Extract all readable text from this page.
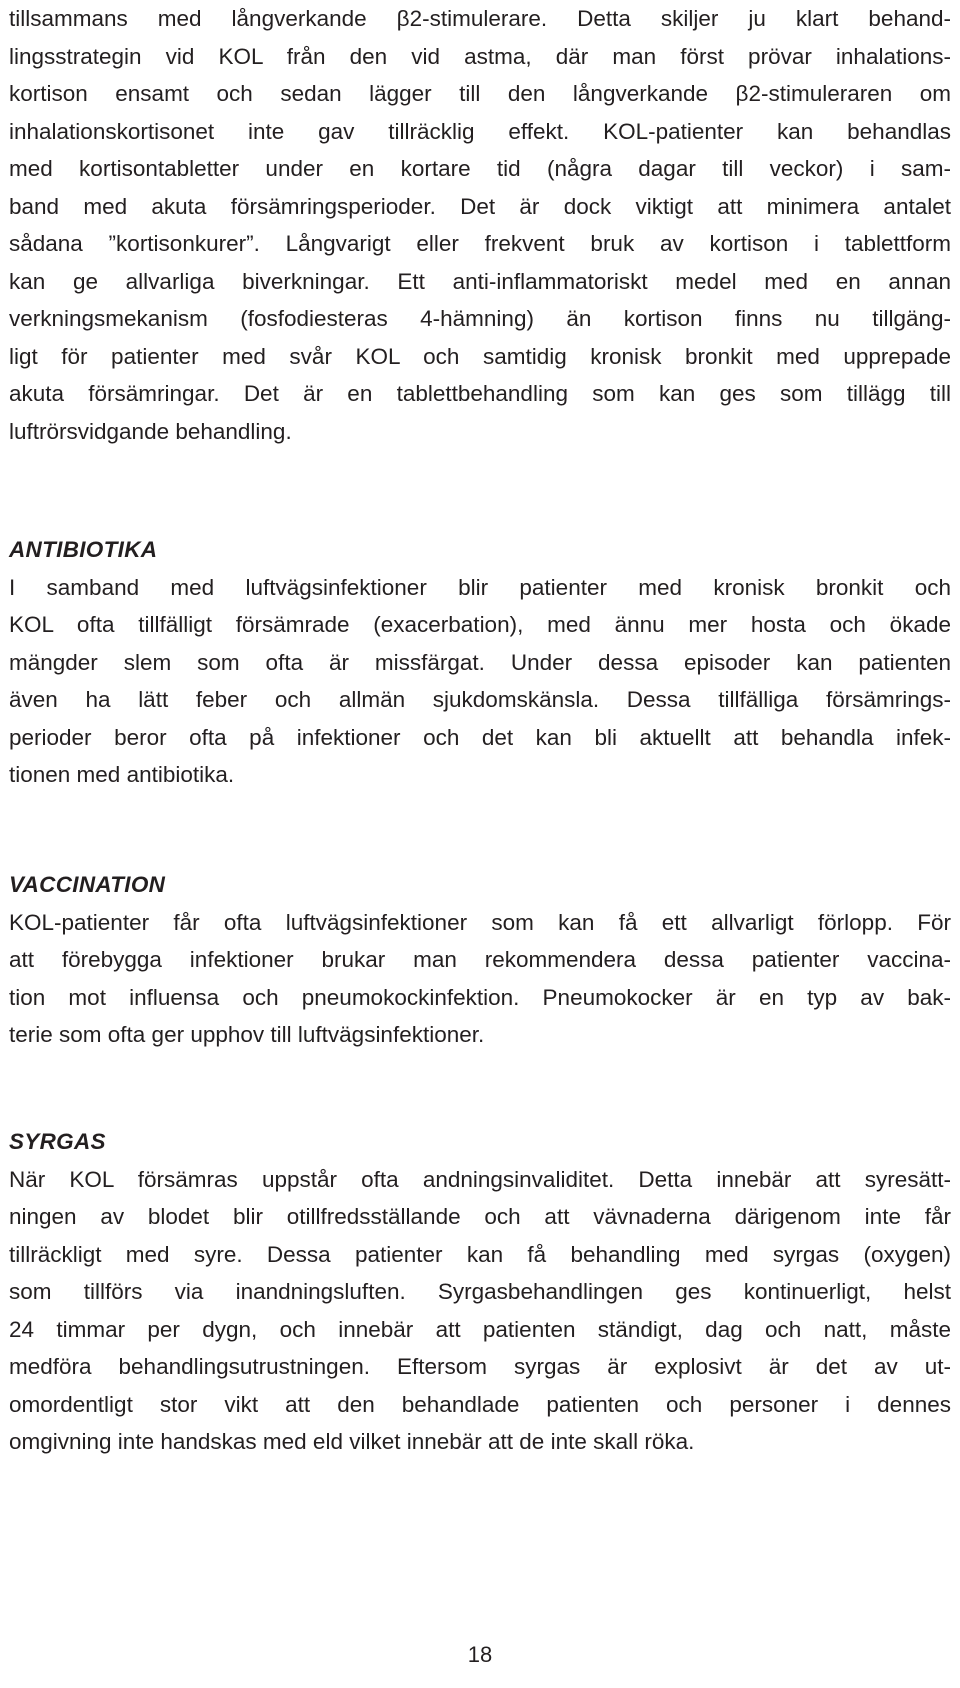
tillsammans med långverkande β2-stimulerare. Detta skiljer ju klart behand-
lingsstrategin vid KOL från den vid astma, där man först prövar inhalations-
kortison ensamt och sedan lägger till den långverkande β2-stimuleraren om
inhalationskortisonet inte gav tillräcklig effekt. KOL-patienter kan behandlas
med kortisontabletter under en kortare tid (några dagar till veckor) i sam-
band med akuta försämringsperioder. Det är dock viktigt att minimera antalet
sådana ”kortisonkurer”. Långvarigt eller frekvent bruk av kortison i tablettform
kan ge allvarliga biverkningar. Ett anti-inflammatoriskt medel med en annan
verkningsmekanism (fosfodiesteras 4-hämning) än kortison finns nu tillgäng-
ligt för patienter med svår KOL och samtidig kronisk bronkit med upprepade
akuta försämringar. Det är en tablettbehandling som kan ges som tillägg till
luftrörsvidgande behandling.
ANTIBIOTIKA
I samband med luftvägsinfektioner blir patienter med kronisk bronkit och
KOL ofta tillfälligt försämrade (exacerbation), med ännu mer hosta och ökade
mängder slem som ofta är missfärgat. Under dessa episoder kan patienten
även ha lätt feber och allmän sjukdomskänsla. Dessa tillfälliga försämrings-
perioder beror ofta på infektioner och det kan bli aktuellt att behandla infek-
tionen med antibiotika.
VACCINATION
KOL-patienter får ofta luftvägsinfektioner som kan få ett allvarligt förlopp. För
att förebygga infektioner brukar man rekommendera dessa patienter vaccina-
tion mot influensa och pneumokockinfektion. Pneumokocker är en typ av bak-
terie som ofta ger upphov till luftvägsinfektioner.
SYRGAS
När KOL försämras uppstår ofta andningsinvaliditet. Detta innebär att syresätt-
ningen av blodet blir otillfredsställande och att vävnaderna därigenom inte får
tillräckligt med syre. Dessa patienter kan få behandling med syrgas (oxygen)
som tillförs via inandningsluften. Syrgasbehandlingen ges kontinuerligt, helst
24 timmar per dygn, och innebär att patienten ständigt, dag och natt, måste
medföra behandlingsutrustningen. Eftersom syrgas är explosivt är det av ut-
omordentligt stor vikt att den behandlade patienten och personer i dennes
omgivning inte handskas med eld vilket innebär att de inte skall röka.
18
